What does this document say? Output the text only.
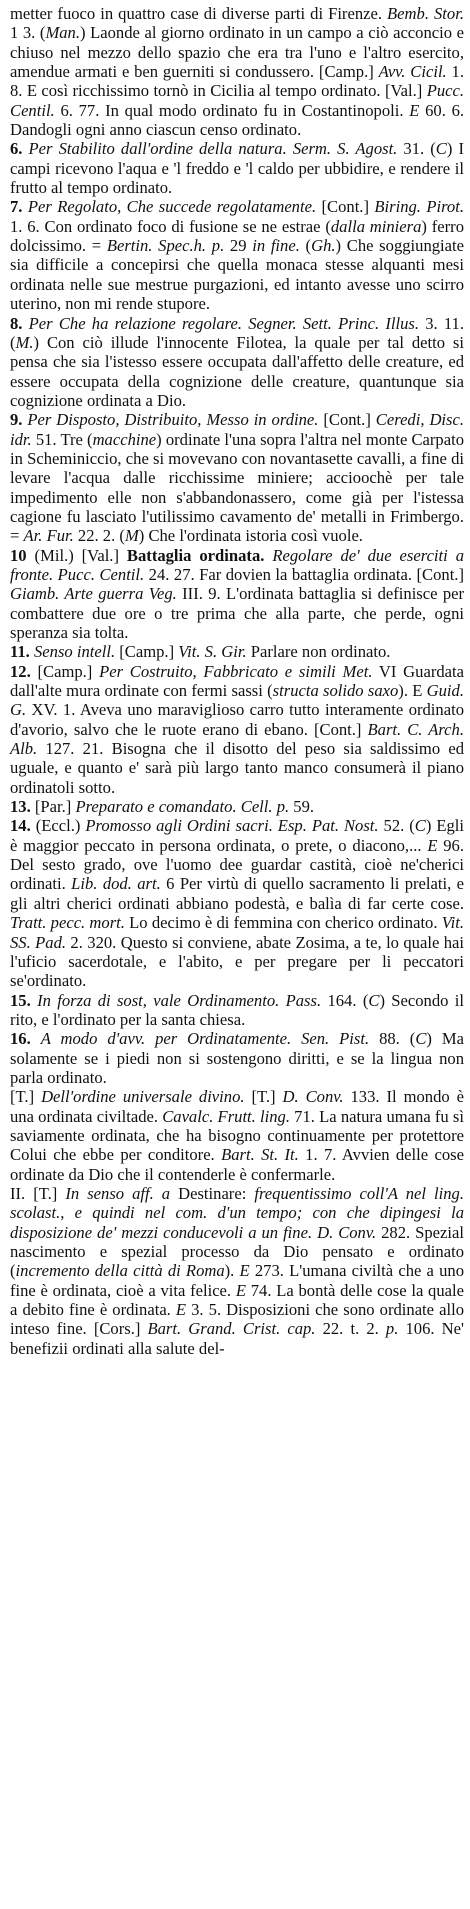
metter fuoco in quattro case di diverse parti di Firenze. Bemb. Stor. 1 3. (Man.) Laonde al giorno ordinato in un campo a ciò acconcio e chiuso nel mezzo dello spazio che era tra l'uno e l'altro esercito, amendue armati e ben guerniti si condussero. [Camp.] Avv. Cicil. 1. 8. E così ricchissimo tornò in Cicilia al tempo ordinato. [Val.] Pucc. Centil. 6. 77. In qual modo ordinato fu in Costantinopoli. E 60. 6. Dandogli ogni anno ciascun censo ordinato.

6. Per Stabilito dall'ordine della natura. Serm. S. Agost. 31. (C) I campi ricevono l'aqua e 'l freddo e 'l caldo per ubbidire, e rendere il frutto al tempo ordinato.

7. Per Regolato, Che succede regolatamente. [Cont.] Biring. Pirot. 1. 6. Con ordinato foco di fusione se ne estrae (dalla miniera) ferro dolcissimo. = Bertin. Spec.h. p. 29 in fine. (Gh.) Che soggiungiate sia difficile a concepirsi che quella monaca stesse alquanti mesi ordinata nelle sue mestrue purgazioni, ed intanto avesse uno scirro uterino, non mi rende stupore.

8. Per Che ha relazione regolare. Segner. Sett. Princ. Illus. 3. 11. (M.) Con ciò illude l'innocente Filotea, la quale per tal detto si pensa che sia l'istesso essere occupata dall'affetto delle creature, ed essere occupata della cognizione delle creature, quantunque sia cognizione ordinata a Dio.

9. Per Disposto, Distribuito, Messo in ordine. [Cont.] Ceredi, Disc. idr. 51. Tre (macchine) ordinate l'una sopra l'altra nel monte Carpato in Scheminiccio, che si movevano con novantasette cavalli, a fine di levare l'acqua dalle ricchissime miniere; accioochè per tale impedimento elle non s'abbandonassero, come già per l'istessa cagione fu lasciato l'utilissimo cavamento de' metalli in Frimbergo. = Ar. Fur. 22. 2. (M) Che l'ordinata istoria così vuole.

10 (Mil.) [Val.] Battaglia ordinata. Regolare de' due eserciti a fronte. Pucc. Centil. 24. 27. Far dovien la battaglia ordinata. [Cont.] Giamb. Arte guerra Veg. III. 9. L'ordinata battaglia si definisce per combattere due ore o tre prima che alla parte, che perde, ogni speranza sia tolta.

11. Senso intell. [Camp.] Vit. S. Gir. Parlare non ordinato.

12. [Camp.] Per Costruito, Fabbricato e simili Met. VI Guardata dall'alte mura ordinate con fermi sassi (structa solido saxo). E Guid. G. XV. 1. Aveva uno maraviglioso carro tutto interamente ordinato d'avorio, salvo che le ruote erano di ebano. [Cont.] Bart. C. Arch. Alb. 127. 21. Bisogna che il disotto del peso sia saldissimo ed uguale, e quanto e' sarà più largo tanto manco consumerà il piano ordinatoli sotto.

13. [Par.] Preparato e comandato. Cell. p. 59.

14. (Eccl.) Promosso agli Ordini sacri. Esp. Pat. Nost. 52. (C) Egli è maggior peccato in persona ordinata, o prete, o diacono,... E 96. Del sesto grado, ove l'uomo dee guardar castità, cioè ne'cherici ordinati. Lib. dod. art. 6 Per virtù di quello sacramento li prelati, e gli altri cherici ordinati abbiano podestà, e balìa di far certe cose. Tratt. pecc. mort. Lo decimo è di femmina con cherico ordinato. Vit. SS. Pad. 2. 320. Questo si conviene, abate Zosima, a te, lo quale hai l'uficio sacerdotale, e l'abito, e per pregare per li peccatori se'ordinato.

15. In forza di sost, vale Ordinamento. Pass. 164. (C) Secondo il rito, e l'ordinato per la santa chiesa.

16. A modo d'avv. per Ordinatamente. Sen. Pist. 88. (C) Ma solamente se i piedi non si sostengono diritti, e se la lingua non parla ordinato.

[T.] Dell'ordine universale divino. [T.] D. Conv. 133. Il mondo è una ordinata civiltade. Cavalc. Frutt. ling. 71. La natura umana fu sì saviamente ordinata, che ha bisogno continuamente per protettore Colui che ebbe per conditore. Bart. St. It. 1. 7. Avvien delle cose ordinate da Dio che il contenderle è confermarle.

II. [T.] In senso aff. a Destinare: frequentissimo coll'A nel ling. scolast., e quindi nel com. d'un tempo; con che dipingesi la disposizione de' mezzi conducevoli a un fine. D. Conv. 282. Spezial nascimento e spezial processo da Dio pensato e ordinato (incremento della città di Roma). E 273. L'umana civiltà che a uno fine è ordinata, cioè a vita felice. E 74. La bontà delle cose la quale a debito fine è ordinata. E 3. 5. Disposizioni che sono ordinate allo inteso fine. [Cors.] Bart. Grand. Crist. cap. 22. t. 2. p. 106. Ne' benefizii ordinati alla salute del-
